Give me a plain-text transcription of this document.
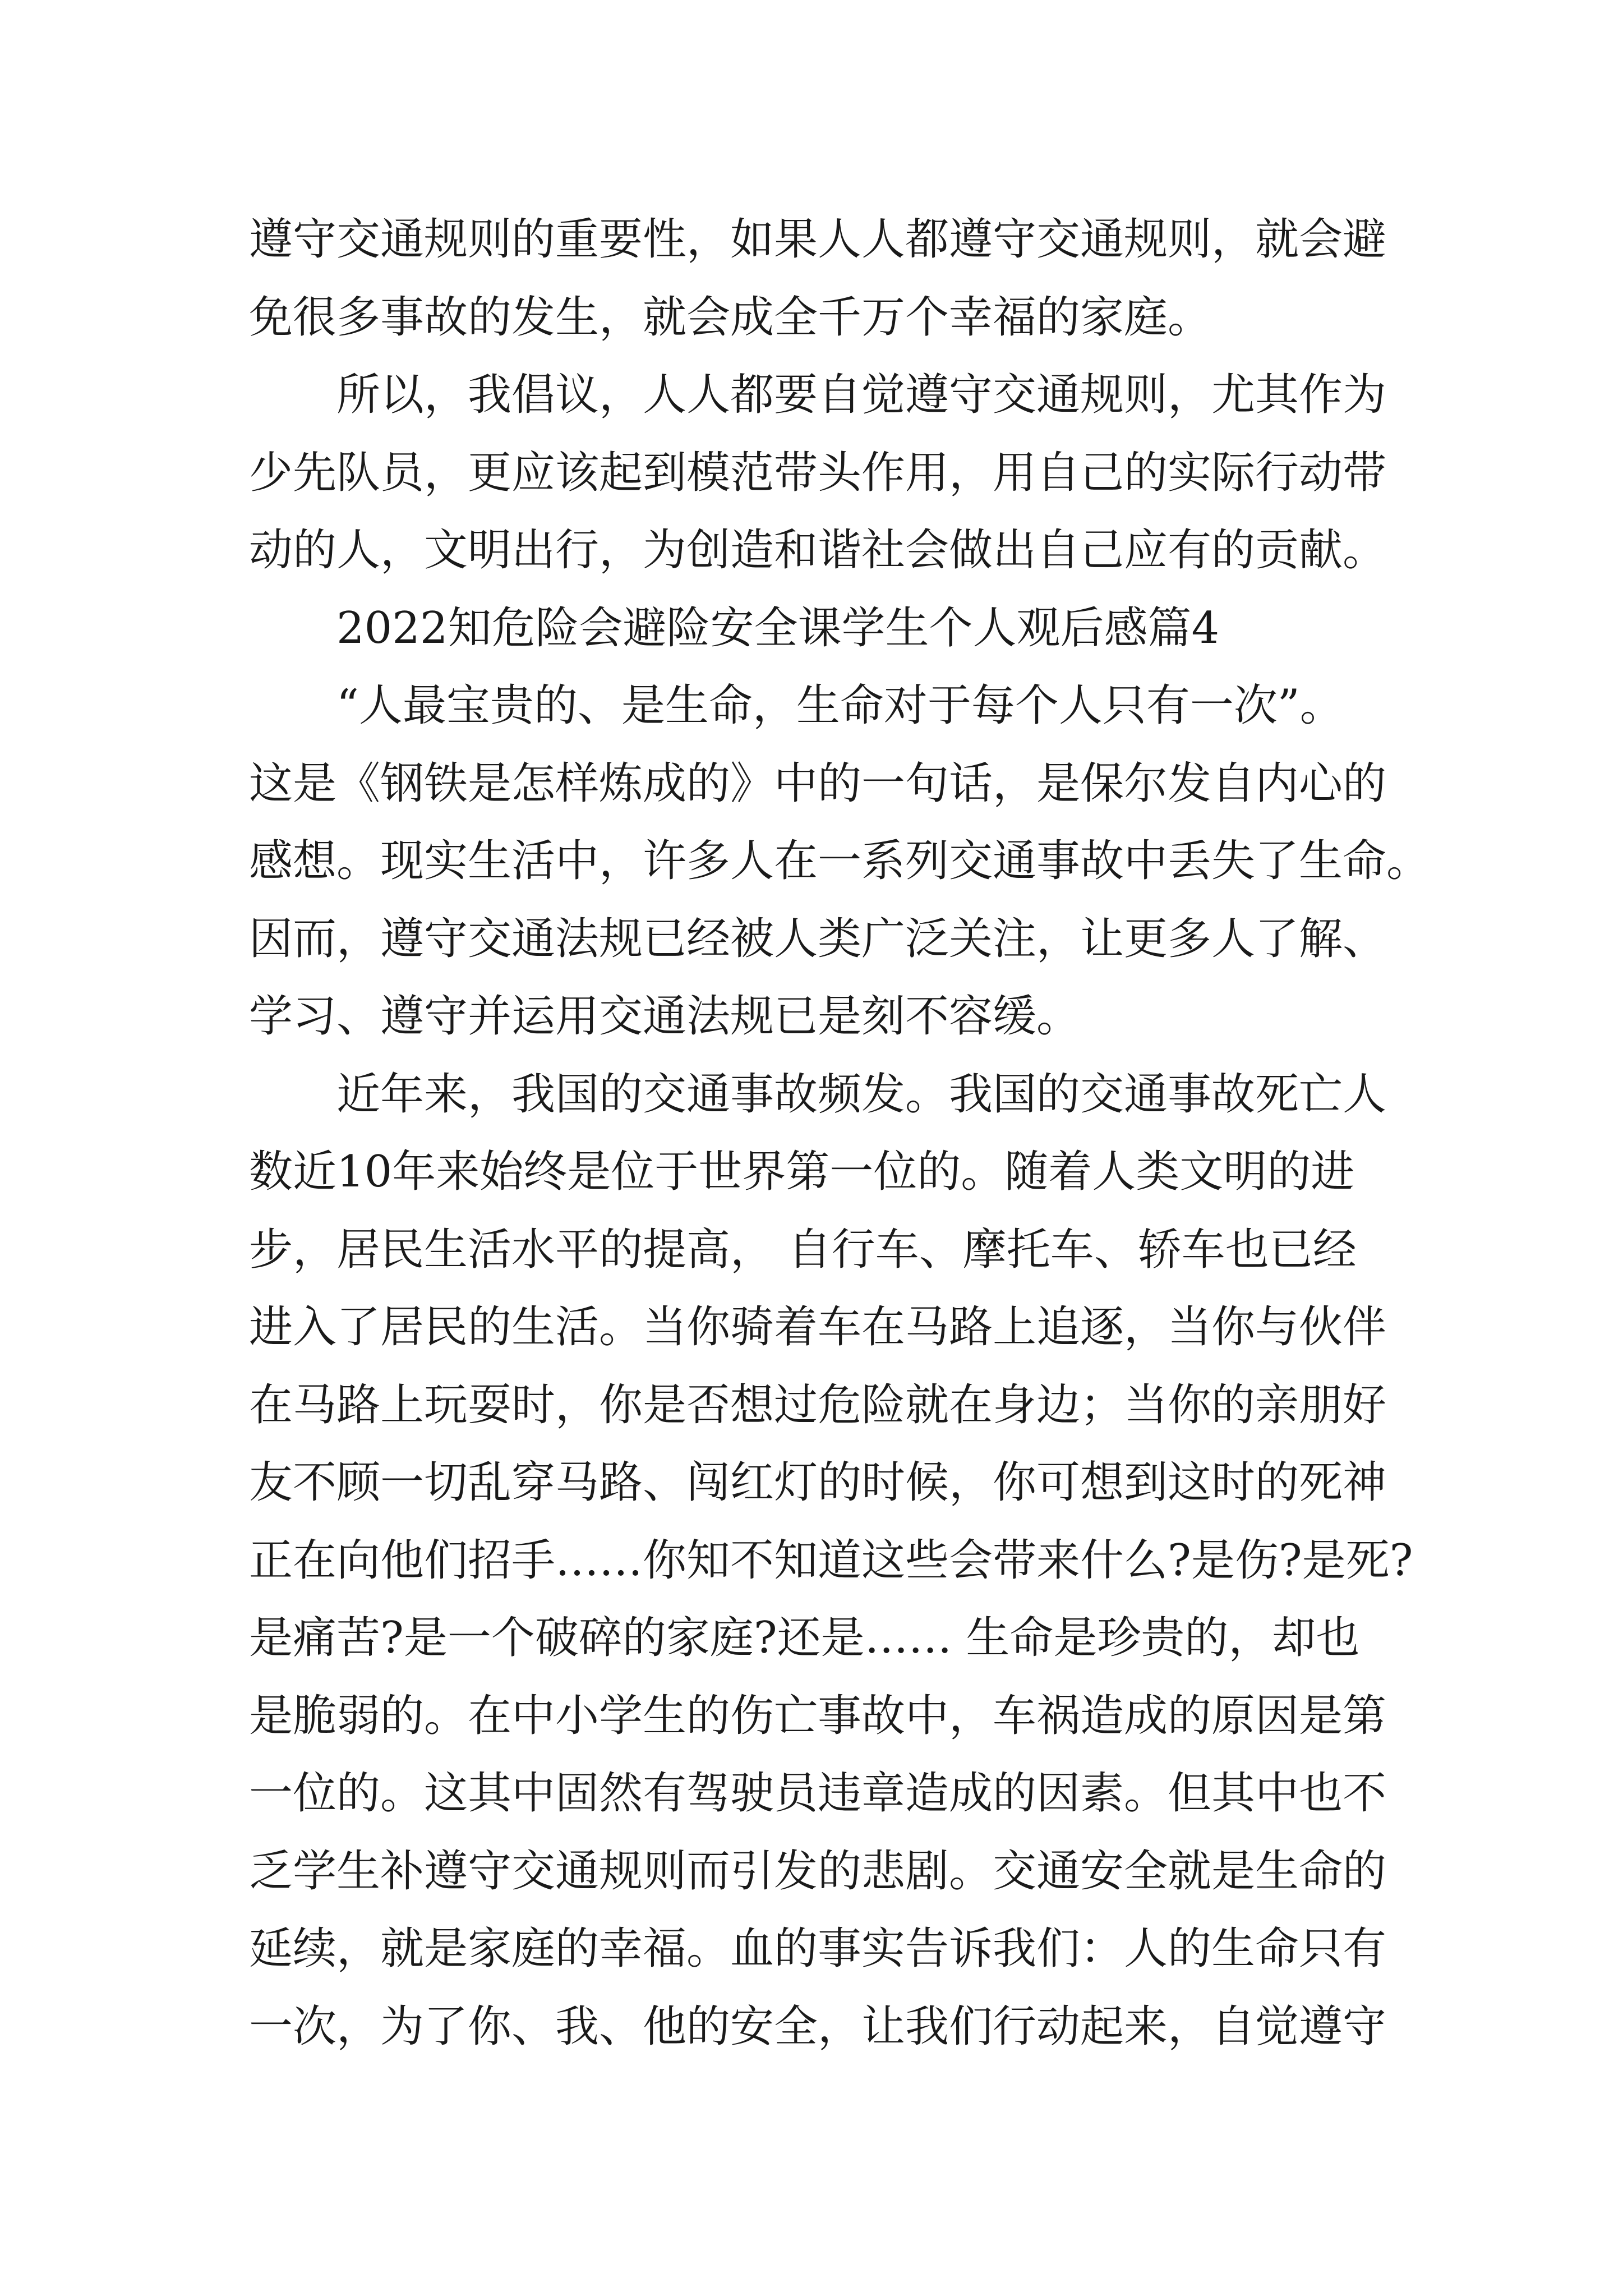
遵守交通规则的重要性，如果人人都遵守交通规则，就会避
免很多事故的发生，就会成全千万个幸福的家庭。
所以，我倡议，人人都要自觉遵守交通规则，尤其作为
少先队员，更应该起到模范带头作用，用自己的实际行动带
动的人，文明出行，为创造和谐社会做出自己应有的贡献。
2022知危险会避险安全课学生个人观后感篇4
“人最宝贵的、是生命，生命对于每个人只有一次”。
这是《钢铁是怎样炼成的》中的一句话，是保尔发自内心的
感想。现实生活中，许多人在一系列交通事故中丢失了生命。
因而，遵守交通法规已经被人类广泛关注，让更多人了解、
学习、遵守并运用交通法规已是刻不容缓。
近年来，我国的交通事故频发。我国的交通事故死亡人
数近10年来始终是位于世界第一位的。随着人类文明的进
步，居民生活水平的提高， 自行车、摩托车、轿车也已经
进入了居民的生活。当你骑着车在马路上追逐，当你与伙伴
在马路上玩耍时，你是否想过危险就在身边；当你的亲朋好
友不顾一切乱穿马路、闯红灯的时候，你可想到这时的死神
正在向他们招手……你知不知道这些会带来什么?是伤?是死?
是痛苦?是一个破碎的家庭?还是…… 生命是珍贵的，却也
是脆弱的。在中小学生的伤亡事故中，车祸造成的原因是第
一位的。这其中固然有驾驶员违章造成的因素。但其中也不
乏学生补遵守交通规则而引发的悲剧。交通安全就是生命的
延续，就是家庭的幸福。血的事实告诉我们：人的生命只有
一次，为了你、我、他的安全，让我们行动起来，自觉遵守
